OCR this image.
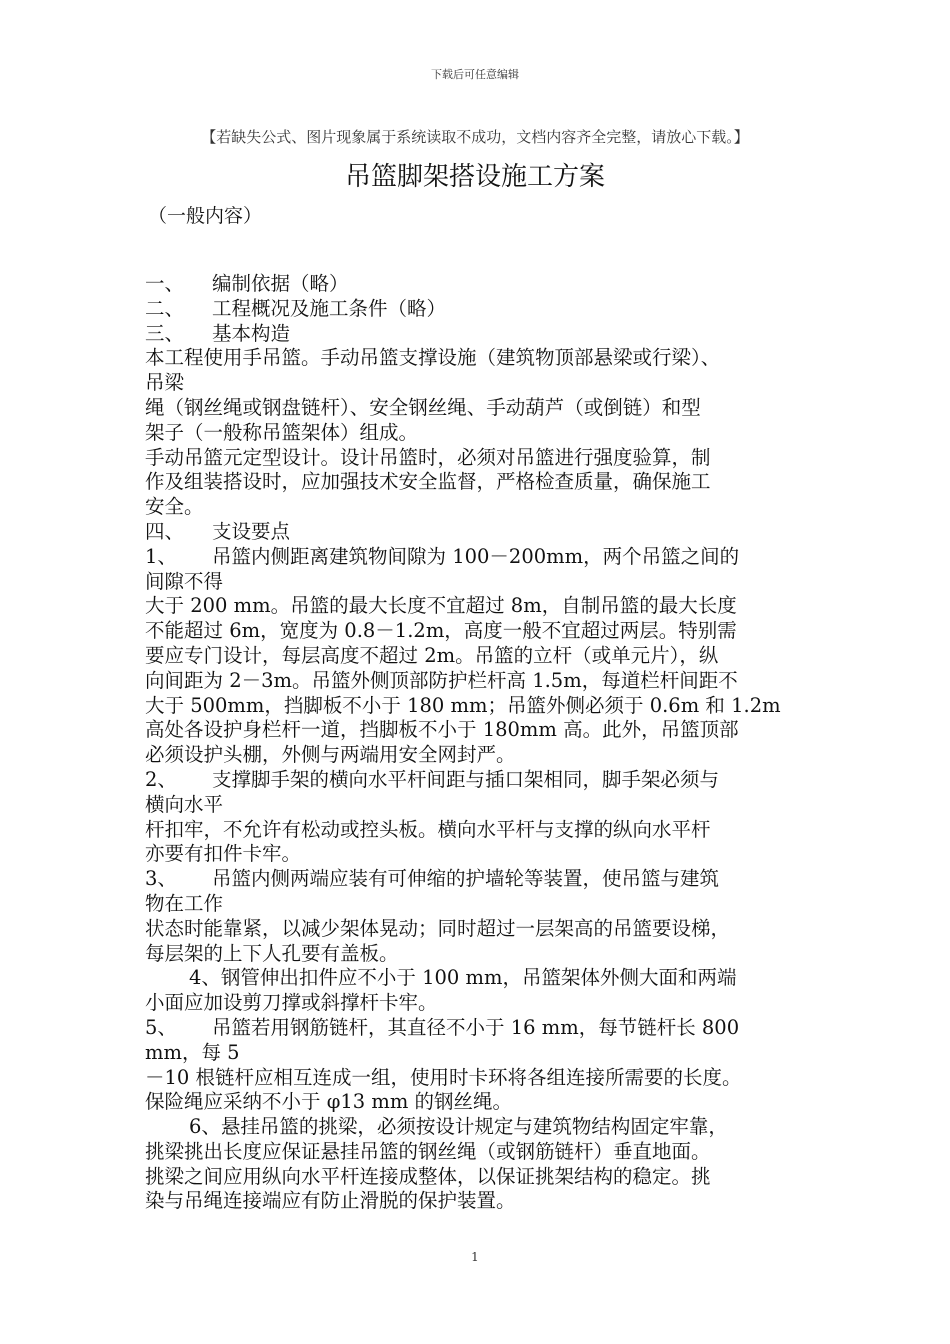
下载后可任意编辑
【若缺失公式、图片现象属于系统读取不成功，文档内容齐全完整，请放心下载。】
吊篮脚架搭设施工方案
（一般内容）

一、 编制依据（略）

二、 工程概况及施工条件（略）

三、 基本构造

本工程使用手吊篮。手动吊篮支撑设施（建筑物顶部悬梁或行梁）、

吊梁

绳（钢丝绳或钢盘链杆）、安全钢丝绳、手动葫芦（或倒链）和型

架子（一般称吊篮架体）组成。

手动吊篮元定型设计。设计吊篮时，必须对吊篮进行强度验算，制

作及组装搭设时，应加强技术安全监督，严格检查质量，确保施工

安全。

四、 支设要点

1、 吊篮内侧距离建筑物间隙为 100－200mm，两个吊篮之间的

间隙不得

大于 200 mm。吊篮的最大长度不宜超过 8m，自制吊篮的最大长度

不能超过 6m，宽度为 0.8－1.2m，高度一般不宜超过两层。特别需

要应专门设计，每层高度不超过 2m。吊篮的立杆（或单元片），纵

向间距为 2－3m。吊篮外侧顶部防护栏杆高 1.5m，每道栏杆间距不

大于 500mm，挡脚板不小于 180 mm；吊篮外侧必须于 0.6m 和 1.2m

高处各设护身栏杆一道，挡脚板不小于 180mm 高。此外，吊篮顶部

必须设护头棚，外侧与两端用安全网封严。

2、 支撑脚手架的横向水平杆间距与插口架相同，脚手架必须与

横向水平

杆扣牢，不允许有松动或控头板。横向水平杆与支撑的纵向水平杆

亦要有扣件卡牢。

3、 吊篮内侧两端应装有可伸缩的护墙轮等装置，使吊篮与建筑

物在工作

状态时能靠紧，以减少架体晃动；同时超过一层架高的吊篮要设梯，

每层架的上下人孔要有盖板。

4、钢管伸出扣件应不小于 100 mm，吊篮架体外侧大面和两端

小面应加设剪刀撑或斜撑杆卡牢。

5、 吊篮若用钢筋链杆，其直径不小于 16 mm，每节链杆长 800

mm，每 5

－10 根链杆应相互连成一组，使用时卡环将各组连接所需要的长度。

保险绳应采纳不小于 φ13 mm 的钢丝绳。

6、悬挂吊篮的挑梁，必须按设计规定与建筑物结构固定牢靠，

挑梁挑出长度应保证悬挂吊篮的钢丝绳（或钢筋链杆）垂直地面。

挑梁之间应用纵向水平杆连接成整体，以保证挑架结构的稳定。挑

染与吊绳连接端应有防止滑脱的保护装置。

1
